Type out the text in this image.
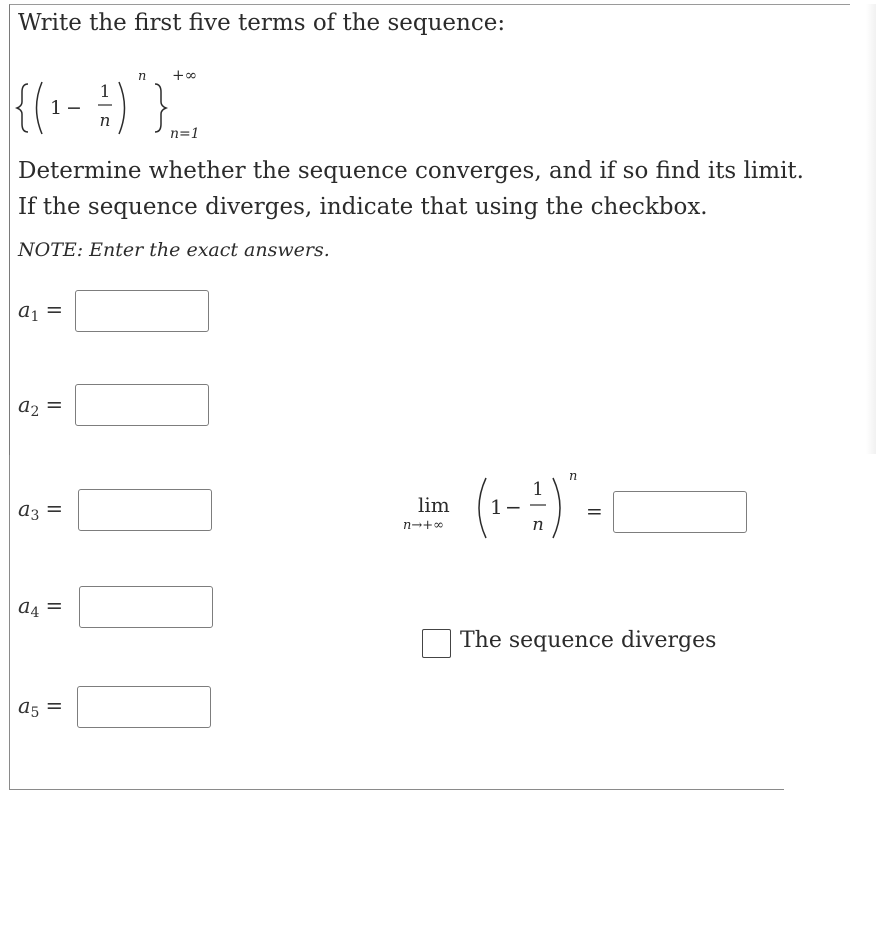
Write the first five terms of the sequence:
1 −
1
n
n +∞
n=1
Determine whether the sequence converges, and if so find its limit.
If the sequence diverges, indicate that using the checkbox.
NOTE: Enter the exact answers.
$a_1$ =
$a_2$ =
$a_3$ =
$a_4$ =
$a_5$ =
lim
n→+∞
1 −
1
n
n
=
The sequence diverges
